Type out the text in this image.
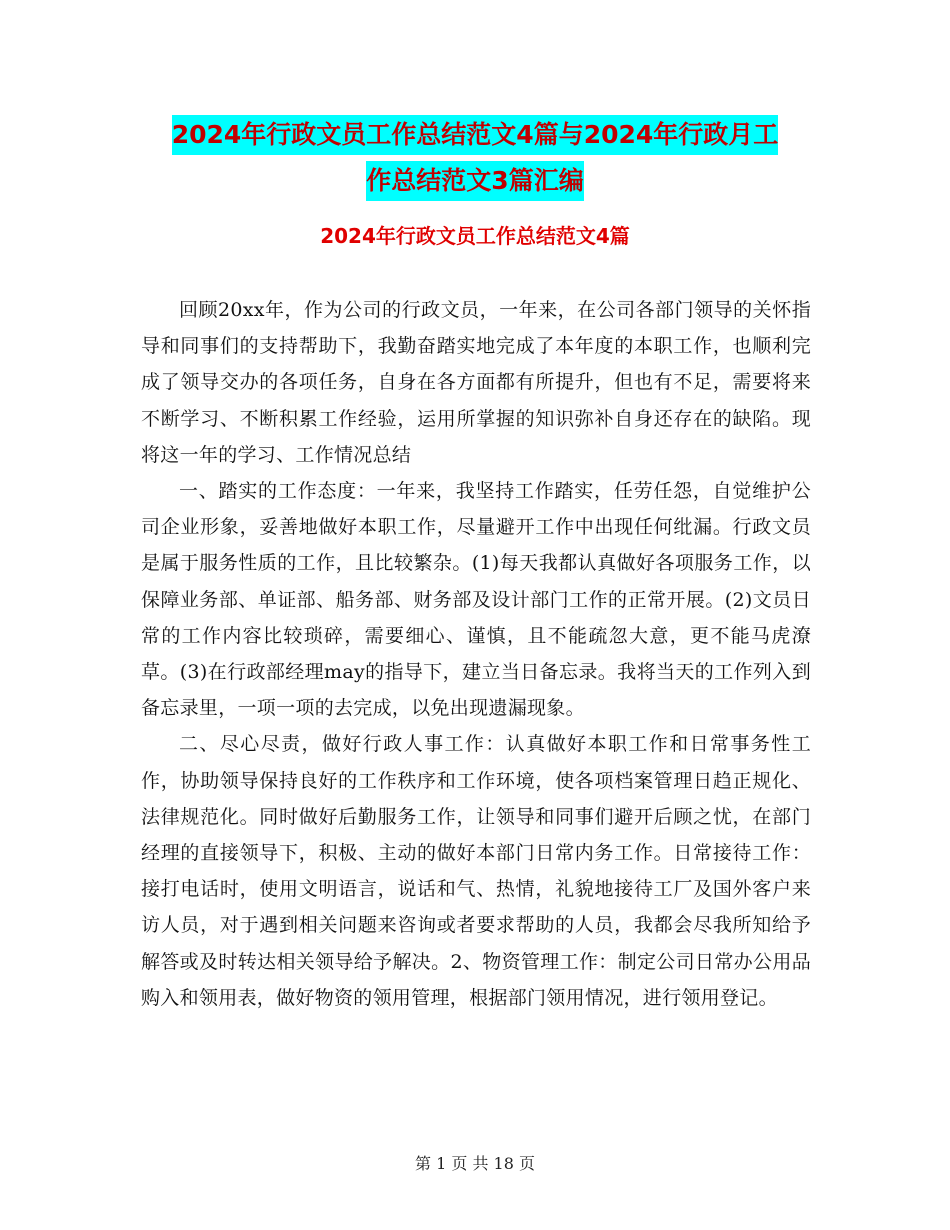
2024年行政文员工作总结范文4篇与2024年行政月工
作总结范文3篇汇编
2024年行政文员工作总结范文4篇

回顾20xx年，作为公司的行政文员，一年来，在公司各部门领导的关怀指导和同事们的支持帮助下，我勤奋踏实地完成了本年度的本职工作，也顺利完成了领导交办的各项任务，自身在各方面都有所提升，但也有不足，需要将来不断学习、不断积累工作经验，运用所掌握的知识弥补自身还存在的缺陷。现将这一年的学习、工作情况总结

一、踏实的工作态度：一年来，我坚持工作踏实，任劳任怨，自觉维护公司企业形象，妥善地做好本职工作，尽量避开工作中出现任何纰漏。行政文员是属于服务性质的工作，且比较繁杂。(1)每天我都认真做好各项服务工作，以保障业务部、单证部、船务部、财务部及设计部门工作的正常开展。(2)文员日常的工作内容比较琐碎，需要细心、谨慎，且不能疏忽大意，更不能马虎潦草。(3)在行政部经理may的指导下，建立当日备忘录。我将当天的工作列入到备忘录里，一项一项的去完成，以免出现遗漏现象。

二、尽心尽责，做好行政人事工作：认真做好本职工作和日常事务性工作，协助领导保持良好的工作秩序和工作环境，使各项档案管理日趋正规化、法律规范化。同时做好后勤服务工作，让领导和同事们避开后顾之忧，在部门经理的直接领导下，积极、主动的做好本部门日常内务工作。日常接待工作：接打电话时，使用文明语言，说话和气、热情，礼貌地接待工厂及国外客户来访人员，对于遇到相关问题来咨询或者要求帮助的人员，我都会尽我所知给予解答或及时转达相关领导给予解决。2、物资管理工作：制定公司日常办公用品购入和领用表，做好物资的领用管理，根据部门领用情况，进行领用登记。

第 1 页 共 18 页
